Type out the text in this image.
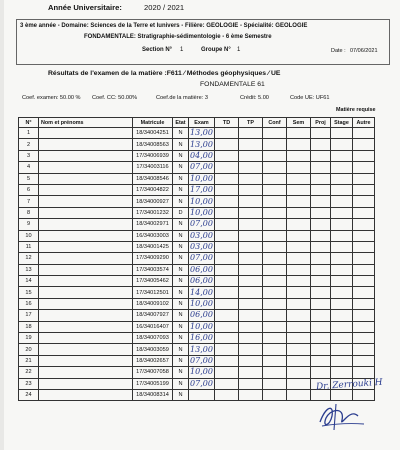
Année Universitaire:	2020 / 2021
3 ème année - Domaine: Sciences de la Terre et lunivers - Filière: GEOLOGIE - Spécialité: GEOLOGIE
FONDAMENTALE: Stratigraphie-sédimentologie - 6 ème Semestre
Section N° 1	Groupe N° 1	Date : 07/06/2021
Résultats de l'examen de la matière :F611 ⁄ Méthodes géophysiques ⁄ UE
FONDAMENTALE 61
Coef. examen: 50.00 % Coef. CC: 50.00%	Coef.de la matière: 3	Crédit: 5.00	Code UE: UF61
Matière requise
N°	Nom et prénoms	Matricule	Etat	Exam	TD	TP	Conf	Sem	Proj	Stage	Autre
1		18/34004251	N	13,00							
2		18/34008563	N	13,00							
3		17/34006939	N	04,00							
4		17/34003116	N	07,00							
5		18/34008546	N	10,00							
6		17/34004822	N	17,00							
7		18/34000927	N	10,00							
8		17/34001232	D	10,00							
9		18/34002971	N	07,00							
10		16/34003003	N	03,00							
11		18/34001425	N	03,00							
12		17/34009290	N	07,00							
13		17/34003574	N	06,00							
14		17/34005462	N	06,00							
15		17/34012501	N	14,00							
16		18/34009102	N	10,00							
17		18/34007927	N	06,00							
18		16/34016407	N	10,00							
19		18/34007093	N	16,00							
20		18/34003059	N	13,00							
21		18/34002657	N	07,00							
22		17/34007058	N	10,00							
23		17/34005199	N	07,00							
24		18/34008314	N								
Dr. Zerrouki H
